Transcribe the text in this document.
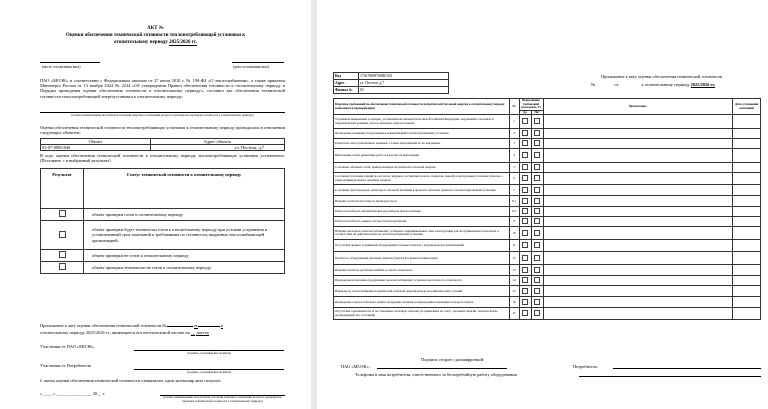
АКТ №
Оценки обеспечения технической готовности теплопотребляющей установки к
отопительному периоду 2025/2026 гг.
(место составления акта)	(дата составления акта)
ПАО «МОЭК» в соответствии с Федеральным законом от 27 июля 2010 г. № 190-ФЗ «О теплоснабжении», а также приказом Минэнерго России от 13 ноября 2024 № 2234 «Об утверждении Правил обеспечения готовности к отопительному периоду и Порядка проведения оценки обеспечения готовности к отопительному периоду», составил акт обеспечения технической готовности теплопотребляющей энергоустановки к отопительному периоду:
(полное наименование потребителя тепловой энергии в отношении которого проводилась проверка готовности к отопительному периоду)
Оценка обеспечения технической готовности теплопотребляющих установок к отопительному периоду проводилась в отношении следующих объектов:
Объект	Адрес объекта
03-07-0905/046	ул. Пестеля, д.7
В ходе оценки обеспечения технической готовности к отопительному периоду теплопотребляющих установок установлено: (Поставить + в выбранный результат)
Результат	Статус технической готовности к отопительному периоду
	объект проверки готов к отопительному периоду
	объект проверки будет технически готов к отопительному периоду при условии устранения в установленный срок замечаний к требованиям по готовности, выданных теплоснабжающей организацией;
	объект проверки не готов к отопительному периоду
	объект проверки технически не готов к отопительному периоду
Приложение к акту оценки обеспечения технической готовности №	от	к
отопительному периоду 2025/2026 гг., являющееся его неотъемлемой частью на __ листах
Участники от ПАО «МОЭК»
(подпись, расшифровка подписи)
Участники от Потребителя
(подпись, расшифровка подписи)
С актом оценки обеспечения технической готовности ознакомлен, один экземпляр акта получил:
« ____ » ________________ 20__ г.
(полное наименование потребителя тепловой энергии в отношении которого проводилась проверка технической готовности к отопительному периоду)
Код	173678699768081501
Адрес	ул. Пестеля, д.7
Филиал №	03
Приложение к акту оценки обеспечения технической готовности
№	от	к отопительному периоду 2025/2026 гг.
Перечень требований по обеспечению технической готовности потребителей тепловой энергии к отопительному периоду (заполняется проверяющим)	№	Выполнение требований (поставить V)		Примечание	Дата устранения замечаний
		Да	Нет		
Устранение выявленных в порядке, установленном законодательством Российской Федерации, нарушений в тепловых и гидравлических режимах работы тепловых энергоустановок	1				
Проведение промывки оборудования и коммуникаций теплопотребляющих установок	2				
Разработка эксплуатационных режимов, а также мероприятий по их внедрению	3				
Выполнение плана ремонтных работ и качество их выполнения	4				
Состояние тепловых сетей, принадлежащих потребителю тепловой энергии	5				
Состояние утепления зданий (к оси числе чердаков, лестничных клеток, подвалов, дверей) и центральных тепловых пунктов, а также индивидуальных тепловых пунктов	6				
Состояние трубопроводов, арматуры и тепловой изоляции в пределах тепловых пунктов в теплопотребляющей установке	7				
Наличие и работоспособность приборов учета;	8.1				
Работоспособность автоматических регуляторов при их наличии	8.2				
Работоспособность защиты систем теплопотребления	9				
Наличие паспортов теплопотребляющих установок, принципиальных схем и инструкций для обслуживающего персонала и соответствие их действительности теплопотребляющей установки	10				
Отсутствие прямых соединений оборудования тепловых пунктов с водопроводом и канализацией	11				
Плотность оборудования тепловых пунктов (указать P и время в примечание);	12				
Наличие пломб на расчетных шайбах и соплах элеваторов;	13				
Проведение испытания оборудования теплопотребляющих установок на плотность и прочность	14				
Надежность теплоснабжения потребителей тепловой энергии исходя из климатических условий	15				
Проведение осмотра теплового пункта на предмет наличия и повреждения помещения теплового пункта	16				
Отсутствие задолженности за поставленные тепловую энергию (за единичным по счету: тепловой энергии, теплоноситель, подтверждение его состояния)	17				
Подписи сторон с расшифровкой:
ПАО «МОЭК»:	Потребитель:
Телефоны и имя потребителя, ответственного за бесперебойную работу оборудования
